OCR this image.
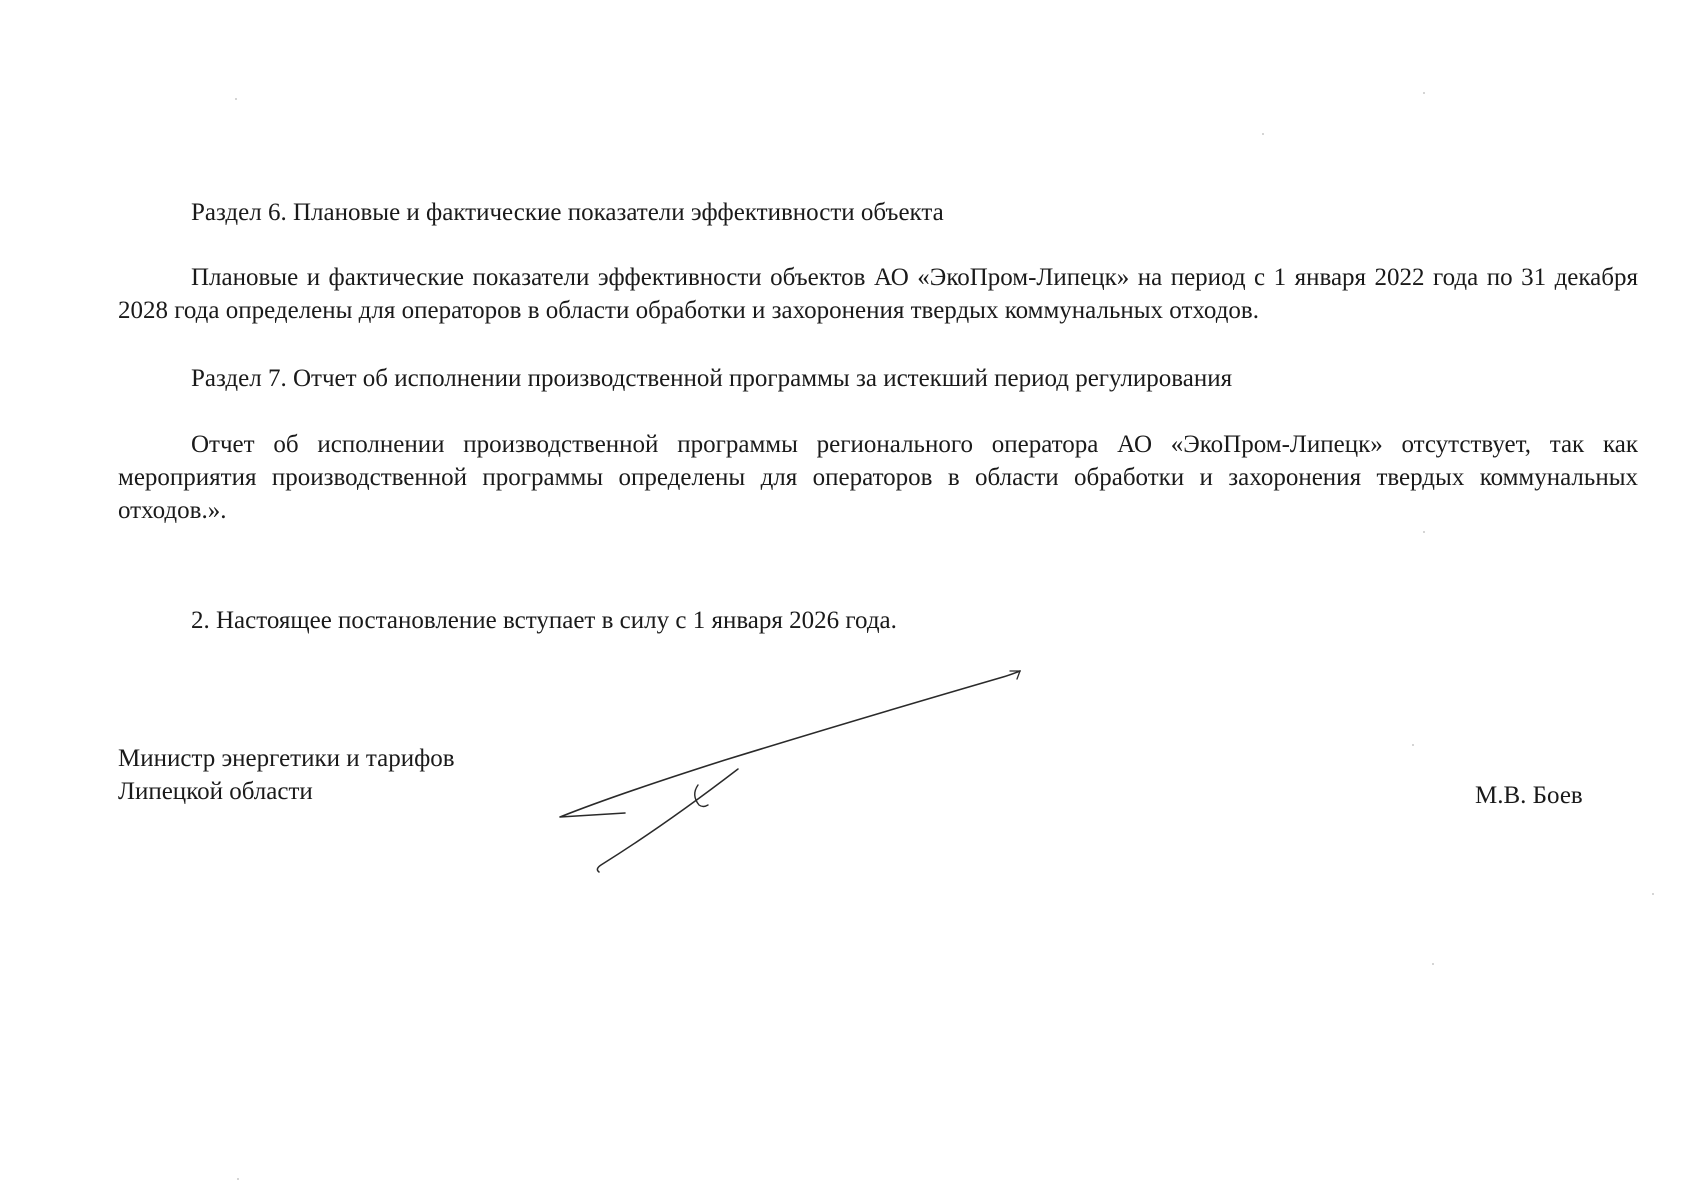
Раздел 6. Плановые и фактические показатели эффективности объекта
Плановые и фактические показатели эффективности объектов АО «ЭкоПром-Липецк» на период с 1 января 2022 года по 31 декабря 2028 года определены для операторов в области обработки и захоронения твердых коммунальных отходов.
Раздел 7. Отчет об исполнении производственной программы за истекший период регулирования
Отчет об исполнении производственной программы регионального оператора АО «ЭкоПром-Липецк» отсутствует, так как мероприятия производственной программы определены для операторов в области обработки и захоронения твердых коммунальных отходов.».
2. Настоящее постановление вступает в силу с 1 января 2026 года.
Министр энергетики и тарифов
Липецкой области	М.В. Боев
